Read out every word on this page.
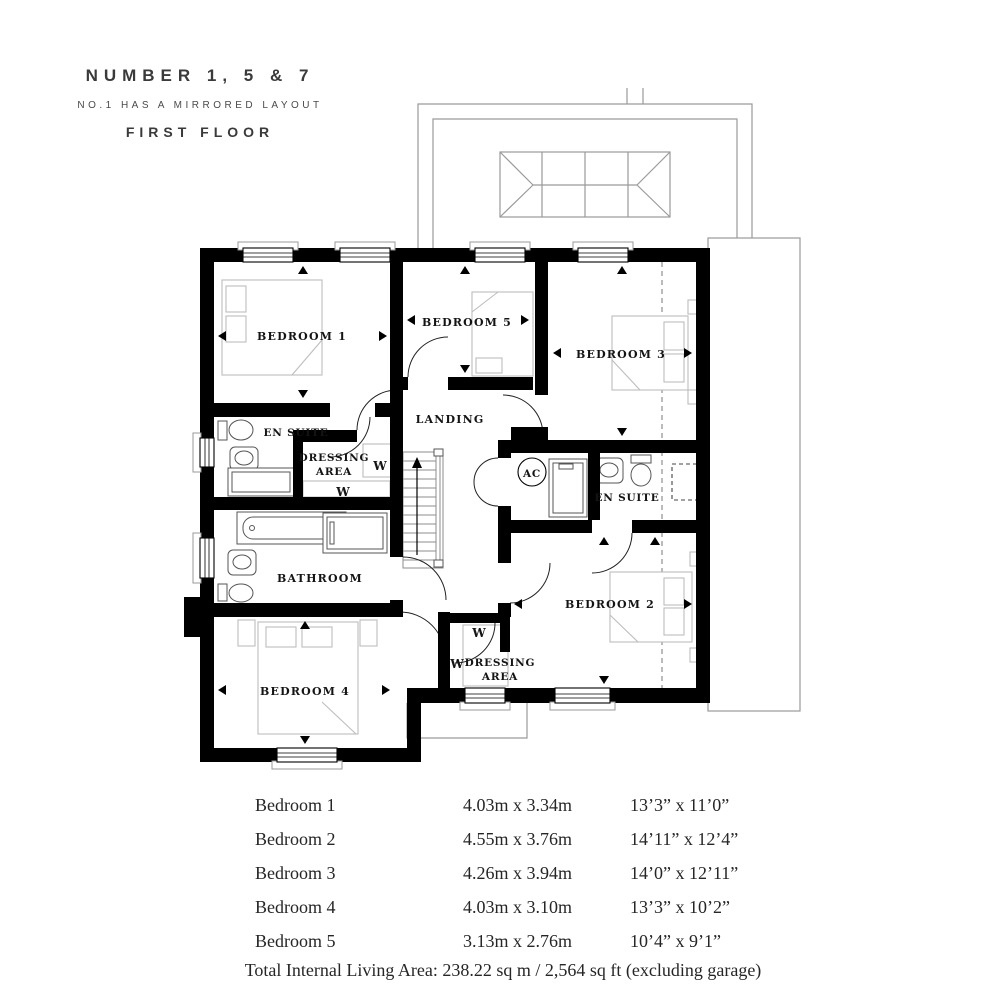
NUMBER 1, 5 & 7
NO.1 HAS A MIRRORED LAYOUT
FIRST FLOOR
BEDROOM 1
BEDROOM 5
BEDROOM 3
BEDROOM 2
BEDROOM 4
LANDING
BATHROOM
EN SUITE
EN SUITE
DRESSING
AREA
DRESSING
AREA
W
W
W
W
AC
Bedroom 1	4.03m x 3.34m	13’3” x 11’0”
Bedroom 2	4.55m x 3.76m	14’11” x 12’4”
Bedroom 3	4.26m x 3.94m	14’0” x 12’11”
Bedroom 4	4.03m x 3.10m	13’3” x 10’2”
Bedroom 5	3.13m x 2.76m	10’4” x 9’1”
Total Internal Living Area: 238.22 sq m / 2,564 sq ft (excluding garage)
